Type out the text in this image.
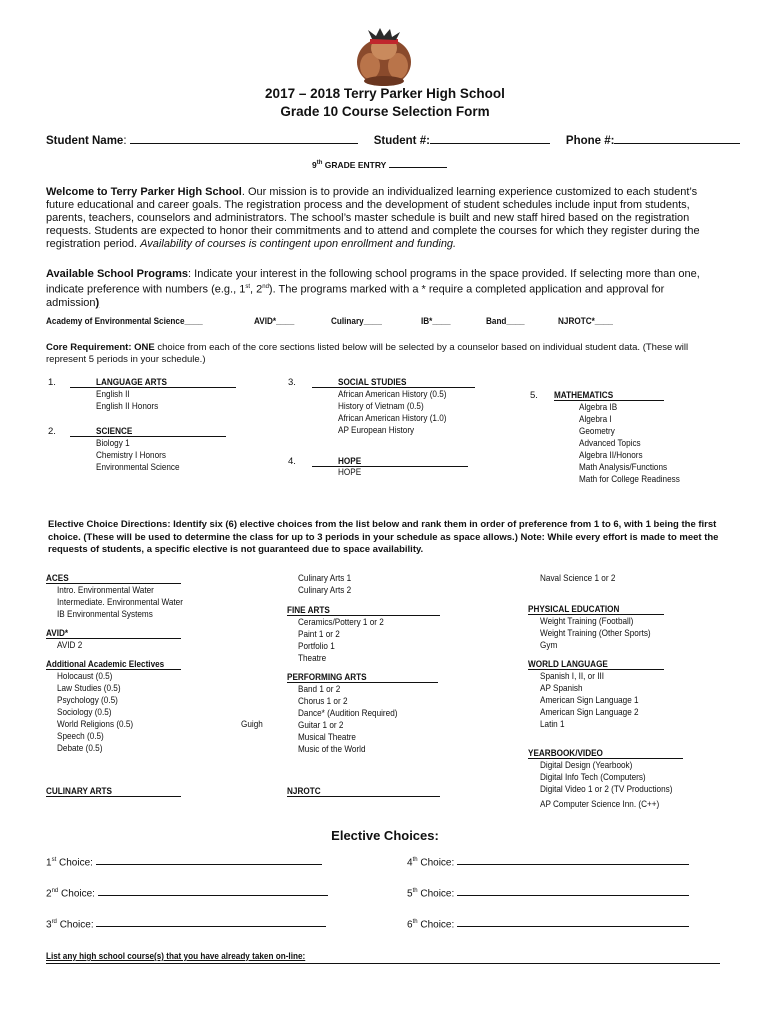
2017 – 2018 Terry Parker High School
Grade 10 Course Selection Form
Student Name:	Student #:	Phone #:
9th GRADE ENTRY
Welcome to Terry Parker High School. Our mission is to provide an individualized learning experience customized to each student’s future educational and career goals. The registration process and the development of student schedules include input from students, parents, teachers, counselors and administrators. The school’s master schedule is built and new staff hired based on the registration requests. Students are expected to honor their commitments and to attend and complete the courses for which they register during the registration period. Availability of courses is contingent upon enrollment and funding.
Available School Programs: Indicate your interest in the following school programs in the space provided. If selecting more than one, indicate preference with numbers (e.g., 1st, 2nd). The programs marked with a * require a completed application and approval for admission)
Academy of Environmental Science____	AVID*____	Culinary____	IB*____	Band____	NJROTC*____
Core Requirement: ONE choice from each of the core sections listed below will be selected by a counselor based on individual student data. (These will represent 5 periods in your schedule.)
1.	LANGUAGE ARTS
English II
English II Honors
2.	SCIENCE
Biology 1
Chemistry I Honors
Environmental Science
3.	SOCIAL STUDIES
African American History (0.5)
History of Vietnam (0.5)
African American History (1.0)
AP European History
4.	HOPE
HOPE
5. MATHEMATICS
Algebra IB
Algebra I
Geometry
Advanced Topics
Algebra II/Honors
Math Analysis/Functions
Math for College Readiness
Elective Choice Directions: Identify six (6) elective choices from the list below and rank them in order of preference from 1 to 6, with 1 being the first choice. (These will be used to determine the class for up to 3 periods in your schedule as space allows.) Note: While every effort is made to meet the requests of students, a specific elective is not guaranteed due to space availability.
ACES
Intro. Environmental Water
Intermediate. Environmental Water
IB Environmental Systems
AVID*
AVID 2
Additional Academic Electives
Holocaust (0.5)
Law Studies (0.5)
Psychology (0.5)
Sociology (0.5)
World Religions (0.5)
Speech (0.5)
Debate (0.5)
CULINARY ARTS
Guigh
Culinary Arts 1
Culinary Arts 2
FINE ARTS
Ceramics/Pottery 1 or 2
Paint 1 or 2
Portfolio 1
Theatre
PERFORMING ARTS
Band 1 or 2
Chorus 1 or 2
Dance* (Audition Required)
Guitar 1 or 2
Musical Theatre
Music of the World
NJROTC
Naval Science 1 or 2
PHYSICAL EDUCATION
Weight Training (Football)
Weight Training (Other Sports)
Gym
WORLD LANGUAGE
Spanish I, II, or III
AP Spanish
American Sign Language 1
American Sign Language 2
Latin 1
YEARBOOK/VIDEO
Digital Design (Yearbook)
Digital Info Tech (Computers)
Digital Video 1 or 2 (TV Productions)
AP Computer Science Inn. (C++)
Elective Choices:
1st Choice:
2nd Choice:
3rd Choice:
4th Choice:
5th Choice:
6th Choice:
List any high school course(s) that you have already taken on-line:
